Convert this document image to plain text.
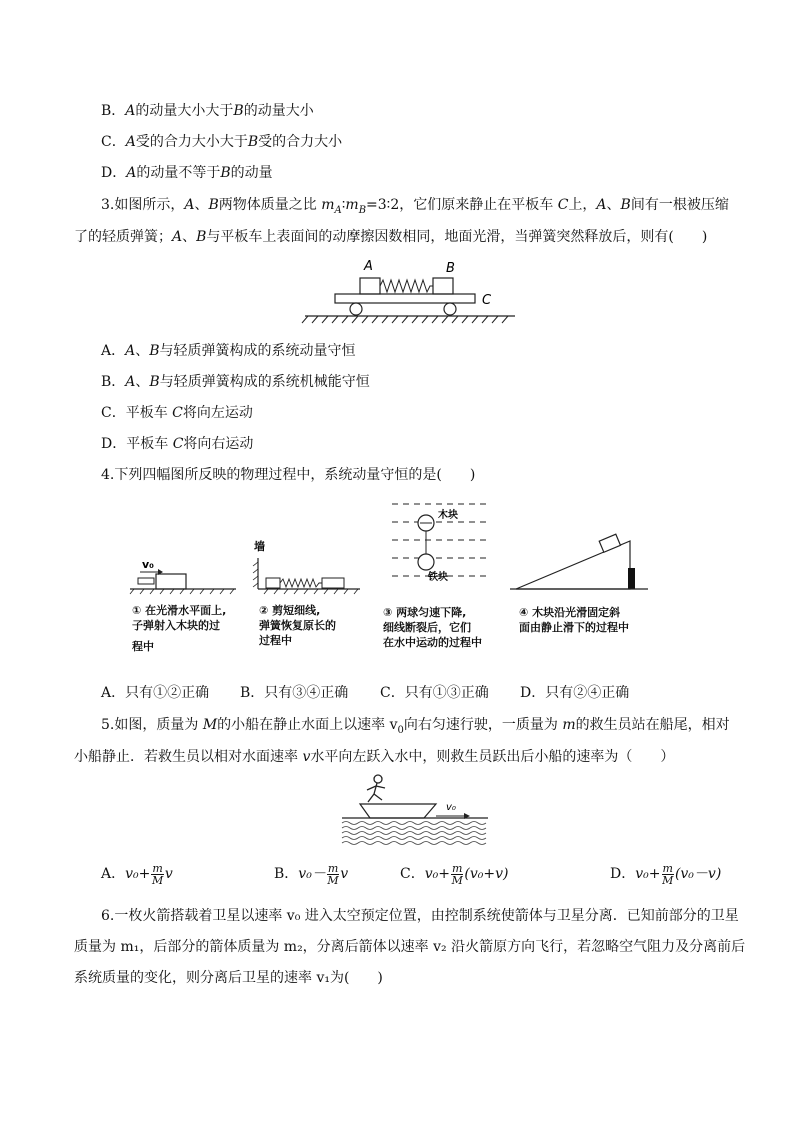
B．A的动量大小大于B的动量大小
C．A受的合力大小大于B受的合力大小
D．A的动量不等于B的动量
3.如图所示，A、B两物体质量之比 $m_A∶m_B=3∶2$，它们原来静止在平板车 C上，A、B间有一根被压缩
了的轻质弹簧；A、B与平板车上表面间的动摩擦因数相同，地面光滑，当弹簧突然释放后，则有(　　)
A	B
C
A．A、B与轻质弹簧构成的系统动量守恒
B．A、B与轻质弹簧构成的系统机械能守恒
C．平板车 C将向左运动
D．平板车 C将向右运动
4.下列四幅图所反映的物理过程中，系统动量守恒的是(　　)
v₀
墙
木块
铁块
① 在光滑水平面上,
子弹射入木块的过
程中
② 剪短细线,
弹簧恢复原长的
过程中
③ 两球匀速下降,
细线断裂后，它们
在水中运动的过程中
④ 木块沿光滑固定斜
面由静止滑下的过程中
A．只有①②正确 B．只有③④正确 C．只有①③正确 D．只有②④正确
5.如图，质量为 M的小船在静止水面上以速率 $v_0$向右匀速行驶，一质量为 m的救生员站在船尾，相对
小船静止．若救生员以相对水面速率 v水平向左跃入水中，则救生员跃出后小船的速率为（　　）
v₀
A．$v_0+ \frac{m}{M}$ v	B．$v_0- \frac{m}{M}$ v	C．$v_0+ \frac{m}{M} (v_0+v)$	D．$v_0+ \frac{m}{M} (v_0-v)$
6.一枚火箭搭载着卫星以速率 v₀ 进入太空预定位置，由控制系统使箭体与卫星分离．已知前部分的卫星
质量为 m₁，后部分的箭体质量为 m₂，分离后箭体以速率 v₂ 沿火箭原方向飞行，若忽略空气阻力及分离前后
系统质量的变化，则分离后卫星的速率 v₁为(　　)
